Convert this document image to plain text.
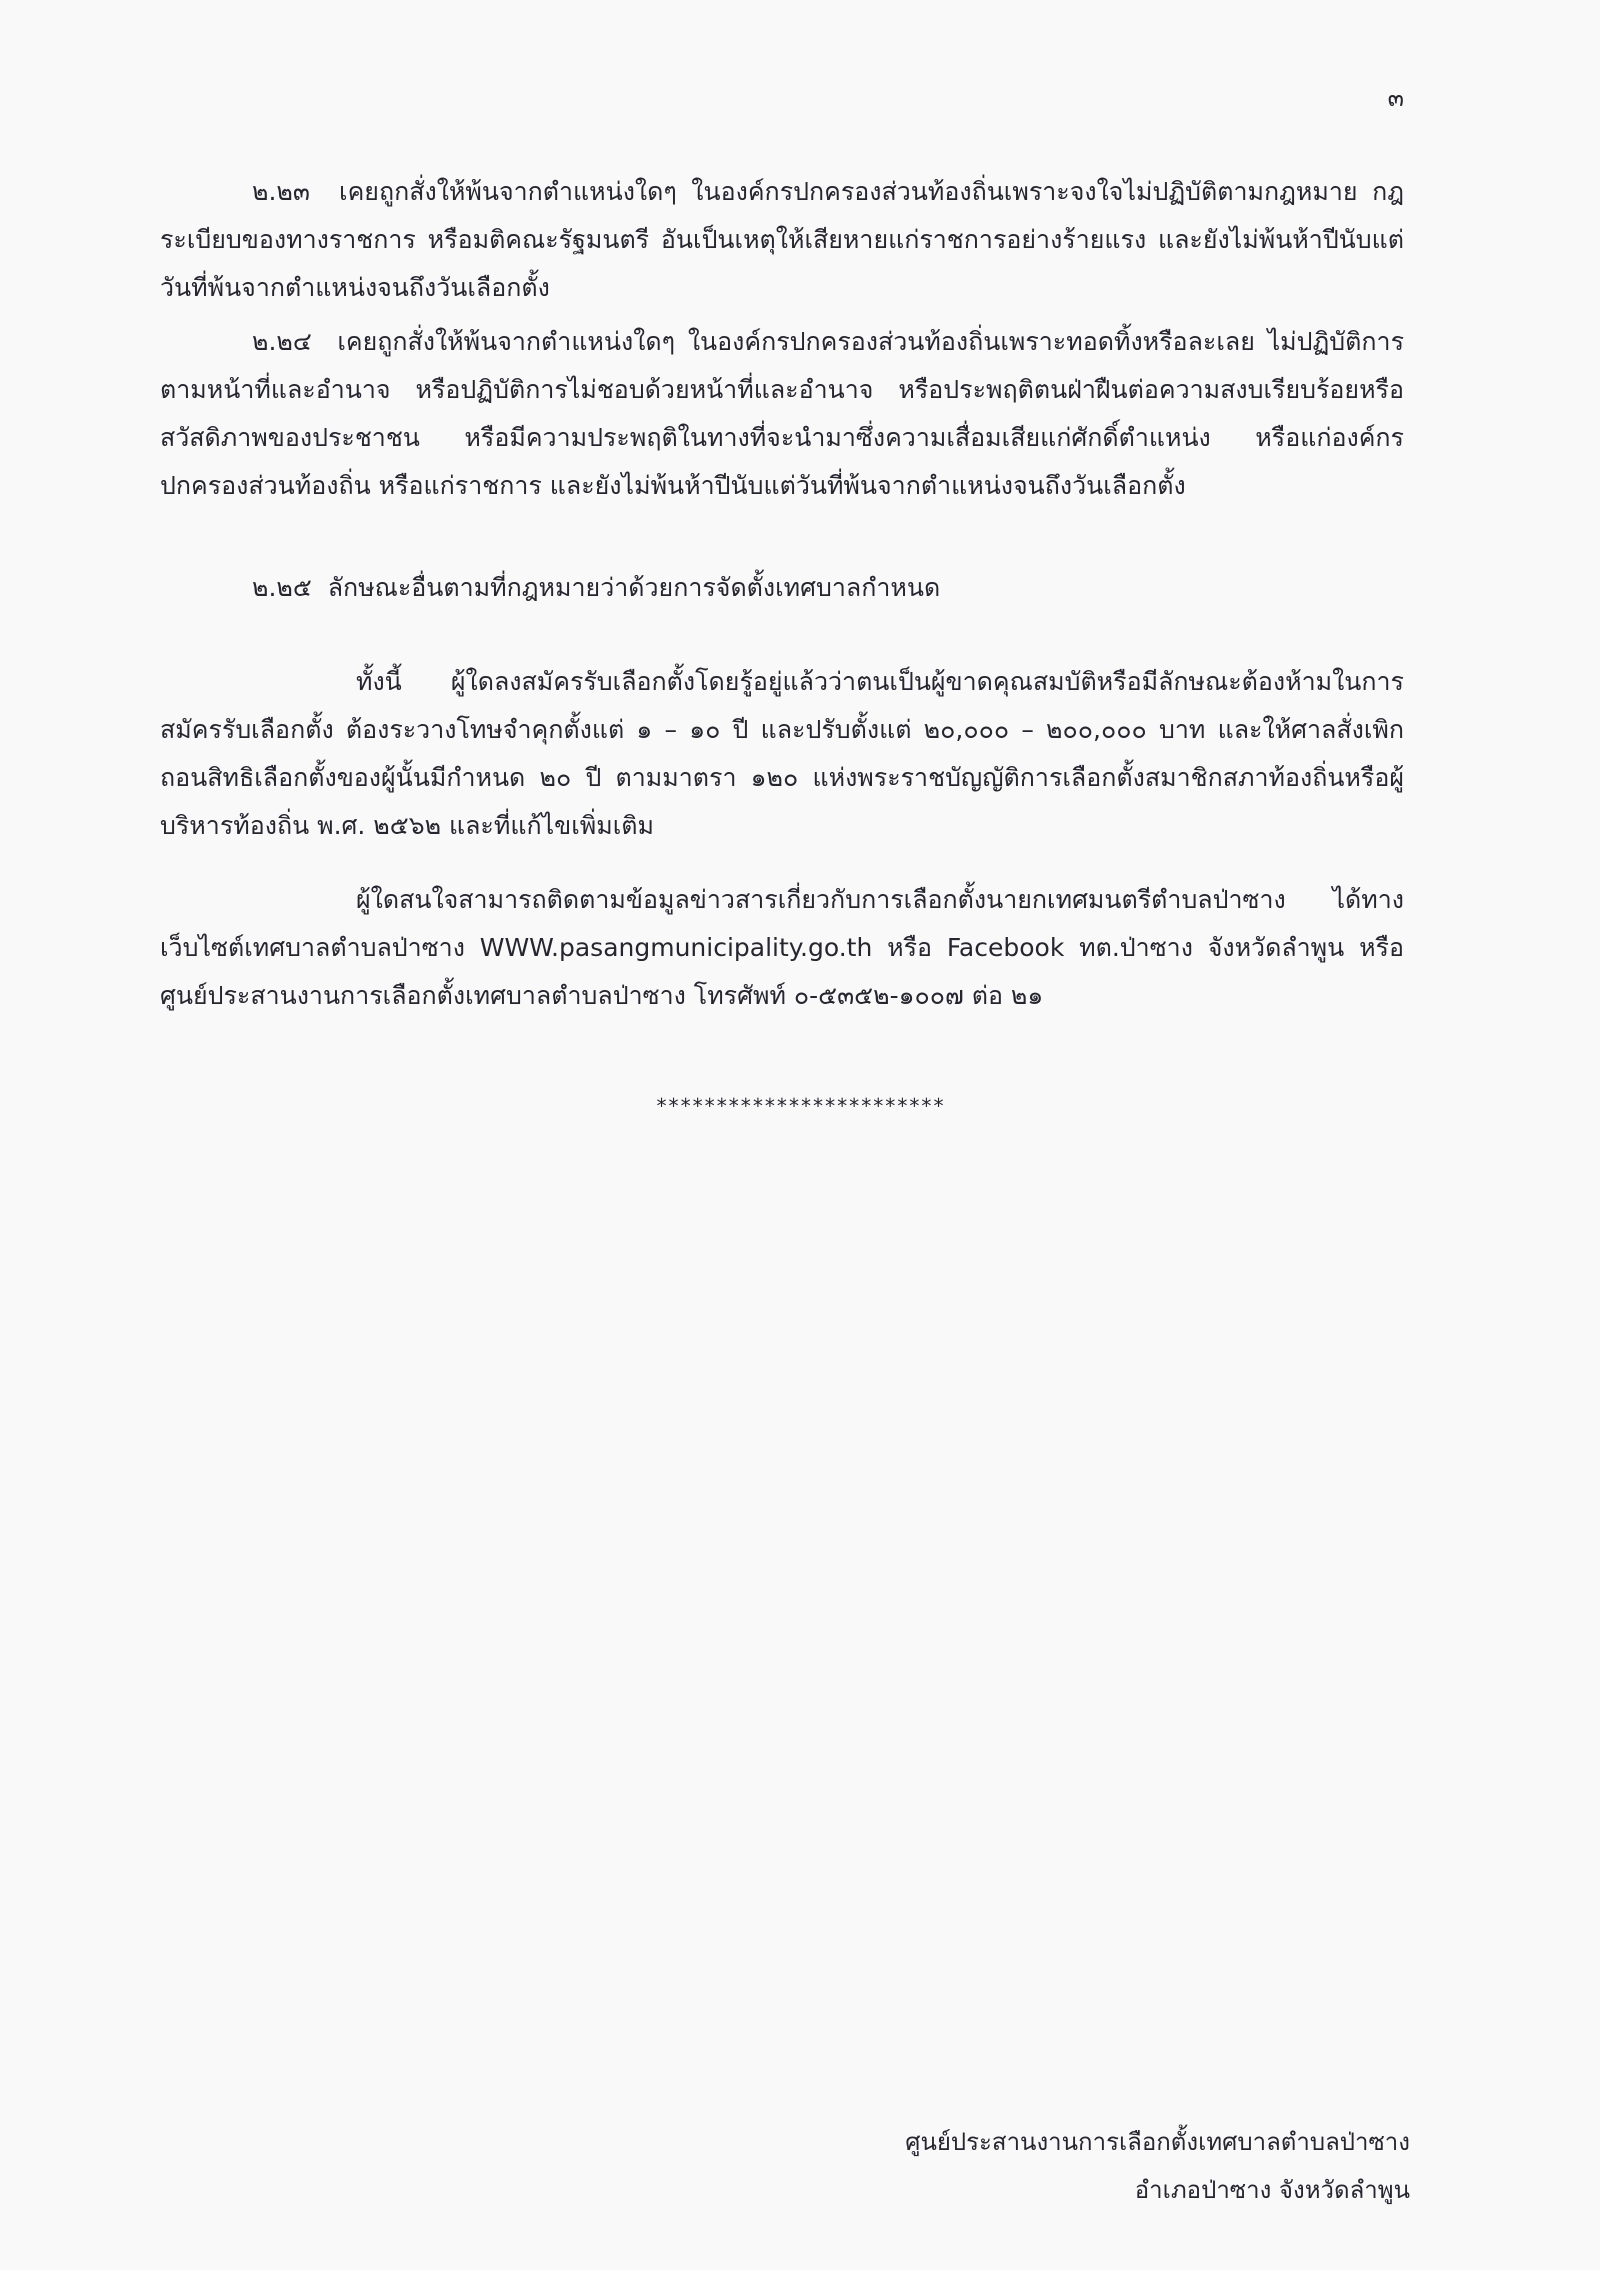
๓

๒.๒๓ เคยถูกสั่งให้พ้นจากตำแหน่งใดๆ ในองค์กรปกครองส่วนท้องถิ่นเพราะจงใจไม่ปฏิบัติตามกฎหมาย กฎ ระเบียบของทางราชการ หรือมติคณะรัฐมนตรี อันเป็นเหตุให้เสียหายแก่ราชการอย่างร้ายแรง และยังไม่พ้นห้าปีนับแต่วันที่พ้นจากตำแหน่งจนถึงวันเลือกตั้ง

๒.๒๔ เคยถูกสั่งให้พ้นจากตำแหน่งใดๆ ในองค์กรปกครองส่วนท้องถิ่นเพราะทอดทิ้งหรือละเลย ไม่ปฏิบัติการตามหน้าที่และอำนาจ หรือปฏิบัติการไม่ชอบด้วยหน้าที่และอำนาจ หรือประพฤติตนฝ่าฝืนต่อความสงบเรียบร้อยหรือสวัสดิภาพของประชาชน หรือมีความประพฤติในทางที่จะนำมาซึ่งความเสื่อมเสียแก่ศักดิ์ตำแหน่ง หรือแก่องค์กรปกครองส่วนท้องถิ่น หรือแก่ราชการ และยังไม่พ้นห้าปีนับแต่วันที่พ้นจากตำแหน่งจนถึงวันเลือกตั้ง

๒.๒๕ ลักษณะอื่นตามที่กฎหมายว่าด้วยการจัดตั้งเทศบาลกำหนด

ทั้งนี้ ผู้ใดลงสมัครรับเลือกตั้งโดยรู้อยู่แล้วว่าตนเป็นผู้ขาดคุณสมบัติหรือมีลักษณะต้องห้ามในการสมัครรับเลือกตั้ง ต้องระวางโทษจำคุกตั้งแต่ ๑ – ๑๐ ปี และปรับตั้งแต่ ๒๐,๐๐๐ – ๒๐๐,๐๐๐ บาท และให้ศาลสั่งเพิกถอนสิทธิเลือกตั้งของผู้นั้นมีกำหนด ๒๐ ปี ตามมาตรา ๑๒๐ แห่งพระราชบัญญัติการเลือกตั้งสมาชิกสภาท้องถิ่นหรือผู้บริหารท้องถิ่น พ.ศ. ๒๕๖๒ และที่แก้ไขเพิ่มเติม

ผู้ใดสนใจสามารถติดตามข้อมูลข่าวสารเกี่ยวกับการเลือกตั้งนายกเทศมนตรีตำบลป่าซาง ได้ทางเว็บไซต์เทศบาลตำบลป่าซาง WWW.pasangmunicipality.go.th หรือ Facebook ทต.ป่าซาง จังหวัดลำพูน หรือศูนย์ประสานงานการเลือกตั้งเทศบาลตำบลป่าซาง โทรศัพท์ ๐-๕๓๕๒-๑๐๐๗ ต่อ ๒๑

************************
ศูนย์ประสานงานการเลือกตั้งเทศบาลตำบลป่าซาง
อำเภอป่าซาง จังหวัดลำพูน
